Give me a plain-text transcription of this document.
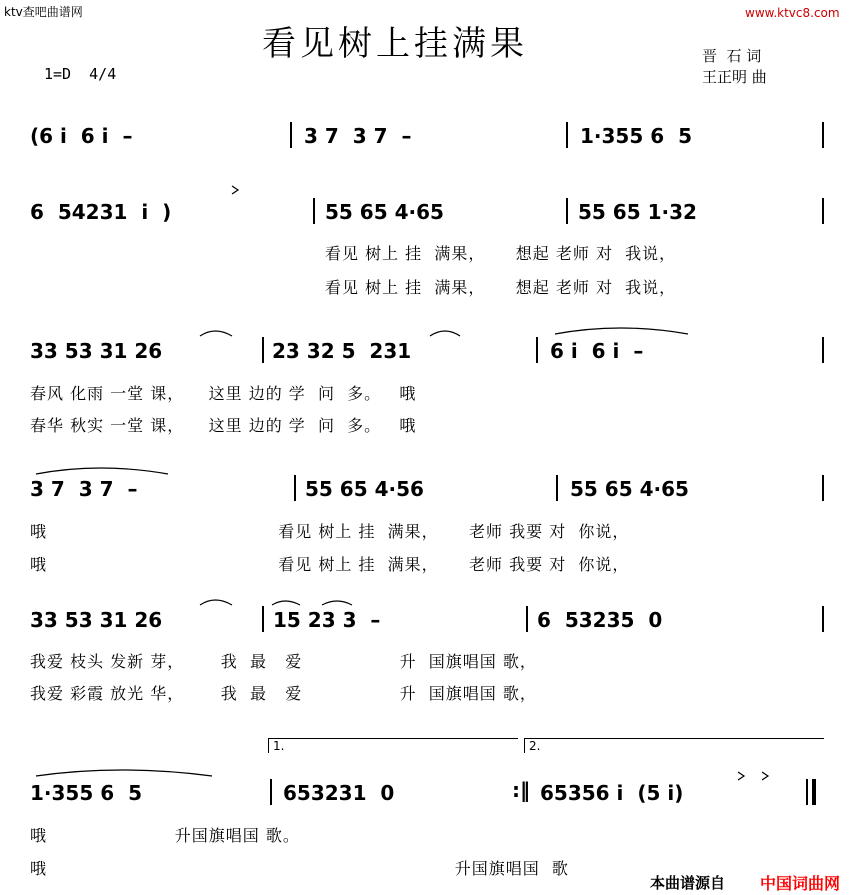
ktv查吧曲谱网	www.ktvc8.com
看见树上挂满果	晋  石 词
王正明 曲
1=D  4/4
(6 i  6 i  –	3 7  3 7  –	1·355 6  5
6  54231  i  )	55 65 4·65	55 65 1·32
看见 树上 挂  满果，     想起 老师 对  我说，
看见 树上 挂  满果，     想起 老师 对  我说，
33 53 31 26	23 32 5  231	6 i  6 i  –
春风 化雨 一堂 课，    这里 边的 学  问  多。   哦
春华 秋实 一堂 课，    这里 边的 学  问  多。   哦
3 7  3 7  –	55 65 4·56	55 65 4·65
哦                                      看见 树上 挂  满果，     老师 我要 对  你说，
哦                                      看见 树上 挂  满果，     老师 我要 对  你说，
33 53 31 26	15 23 3  –	6  53235  0
我爱 枝头 发新 芽，      我  最   爱                升  国旗唱国 歌，
我爱 彩霞 放光 华，      我  最   爱                升  国旗唱国 歌，
1.	2.
1·355 6  5	653231  0	65356 i  (5 i)
哦                     升国旗唱国 歌。
哦                                                                   升国旗唱国  歌
:‖
本曲谱源自 中国词曲网
